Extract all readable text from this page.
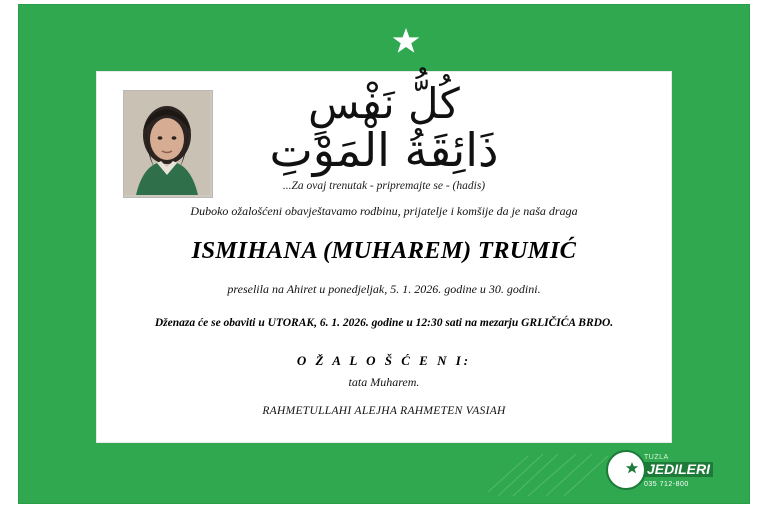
كُلُّ نَفْسٍ
ذَائِقَةُ الْمَوْتِ
...Za ovaj trenutak - pripremajte se - (hadis)
Duboko ožalošćeni obavještavamo rodbinu, prijatelje i komšije da je naša draga
ISMIHANA (MUHAREM) TRUMIĆ
preselila na Ahiret u ponedjeljak, 5. 1. 2026. godine u 30. godini.
Dženaza će se obaviti u UTORAK, 6. 1. 2026. godine u 12:30 sati na mezarju GRLIČIĆA BRDO.
O Ž A L O Š Ć E N I:
tata Muharem.
RAHMETULLAHI ALEJHA RAHMETEN VASIAH
TUZLA
JEDILERI
035 712-800
